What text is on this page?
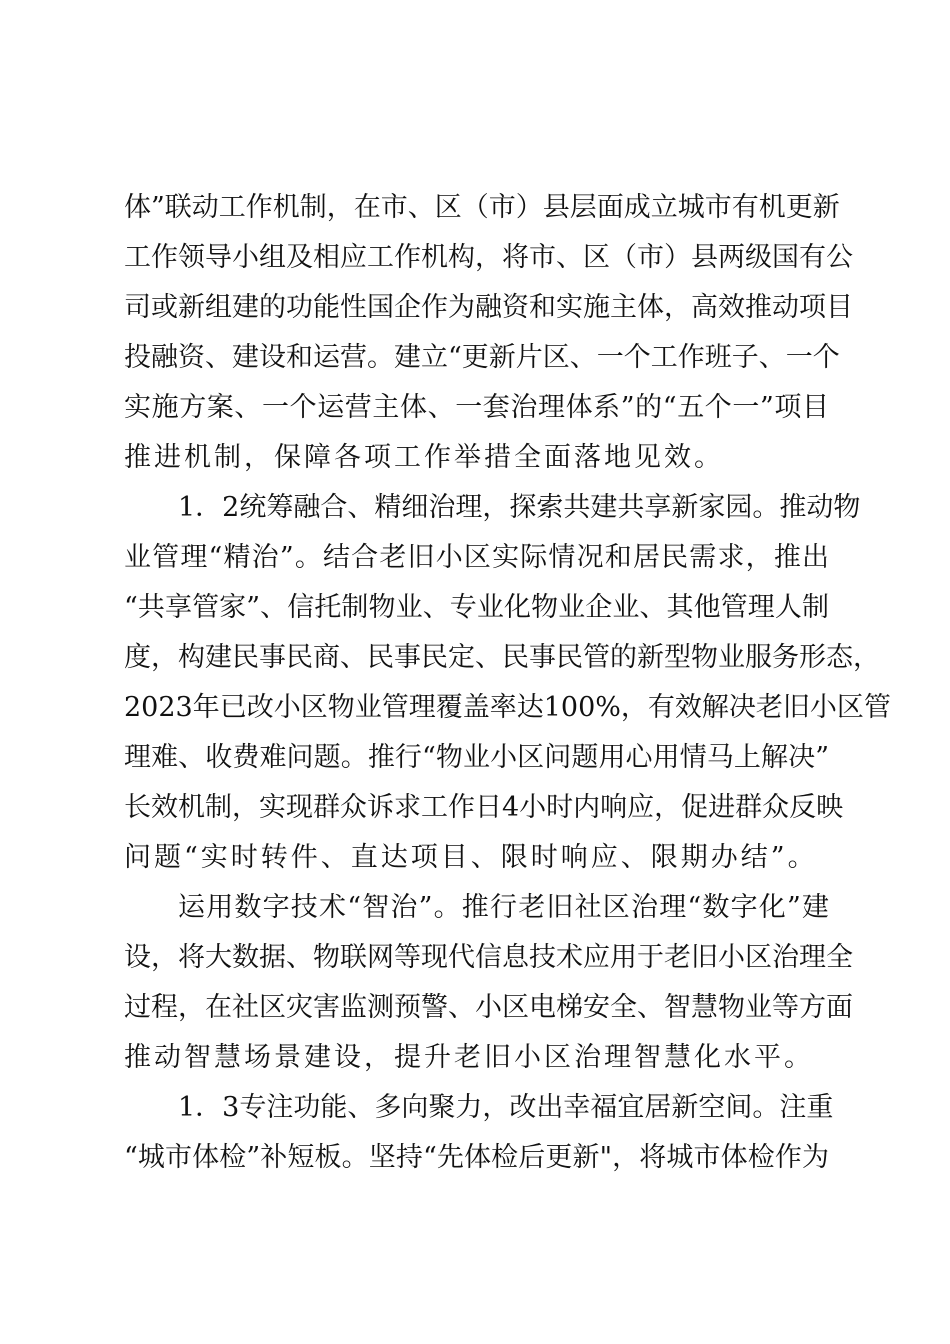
体”联动工作机制，在市、区（市）县层面成立城市有机更新
工作领导小组及相应工作机构，将市、区（市）县两级国有公
司或新组建的功能性国企作为融资和实施主体，高效推动项目
投融资、建设和运营。建立“更新片区、一个工作班子、一个
实施方案、一个运营主体、一套治理体系”的“五个一”项目
推进机制，保障各项工作举措全面落地见效。
1．2统筹融合、精细治理，探索共建共享新家园。推动物
业管理“精治”。结合老旧小区实际情况和居民需求，推出
“共享管家”、信托制物业、专业化物业企业、其他管理人制
度，构建民事民商、民事民定、民事民管的新型物业服务形态，
2023年已改小区物业管理覆盖率达100%，有效解决老旧小区管
理难、收费难问题。推行“物业小区问题用心用情马上解决”
长效机制，实现群众诉求工作日4小时内响应，促进群众反映
问题“实时转件、直达项目、限时响应、限期办结”。
运用数字技术“智治”。推行老旧社区治理“数字化”建
设，将大数据、物联网等现代信息技术应用于老旧小区治理全
过程，在社区灾害监测预警、小区电梯安全、智慧物业等方面
推动智慧场景建设，提升老旧小区治理智慧化水平。
1．3专注功能、多向聚力，改出幸福宜居新空间。注重
“城市体检”补短板。坚持“先体检后更新"，将城市体检作为
